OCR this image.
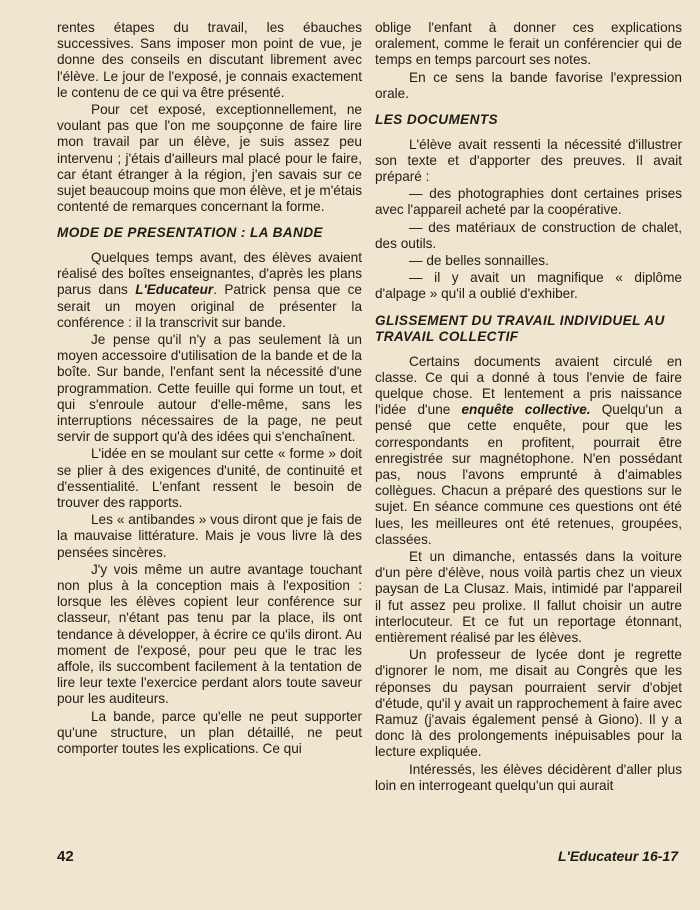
rentes étapes du travail, les ébauches successives. Sans imposer mon point de vue, je donne des conseils en discutant librement avec l'élève. Le jour de l'exposé, je connais exactement le contenu de ce qui va être présenté.

Pour cet exposé, exceptionnellement, ne voulant pas que l'on me soupçonne de faire lire mon travail par un élève, je suis assez peu intervenu ; j'étais d'ailleurs mal placé pour le faire, car étant étranger à la région, j'en savais sur ce sujet beaucoup moins que mon élève, et je m'étais contenté de remarques concernant la forme.

MODE DE PRESENTATION : LA BANDE

Quelques temps avant, des élèves avaient réalisé des boîtes enseignantes, d'après les plans parus dans L'Educateur. Patrick pensa que ce serait un moyen original de présenter la conférence : il la transcrivit sur bande.

Je pense qu'il n'y a pas seulement là un moyen accessoire d'utilisation de la bande et de la boîte. Sur bande, l'enfant sent la nécessité d'une programmation. Cette feuille qui forme un tout, et qui s'enroule autour d'elle-même, sans les interruptions nécessaires de la page, ne peut servir de support qu'à des idées qui s'enchaînent.

L'idée en se moulant sur cette « forme » doit se plier à des exigences d'unité, de continuité et d'essentialité. L'enfant ressent le besoin de trouver des rapports.

Les « antibandes » vous diront que je fais de la mauvaise littérature. Mais je vous livre là des pensées sincères.

J'y vois même un autre avantage touchant non plus à la conception mais à l'exposition : lorsque les élèves copient leur conférence sur classeur, n'étant pas tenu par la place, ils ont tendance à développer, à écrire ce qu'ils diront. Au moment de l'exposé, pour peu que le trac les affole, ils succombent facilement à la tentation de lire leur texte l'exercice perdant alors toute saveur pour les auditeurs.

La bande, parce qu'elle ne peut supporter qu'une structure, un plan détaillé, ne peut comporter toutes les explications. Ce qui

oblige l'enfant à donner ces explications oralement, comme le ferait un conférencier qui de temps en temps parcourt ses notes.

En ce sens la bande favorise l'expression orale.

LES DOCUMENTS

L'élève avait ressenti la nécessité d'illustrer son texte et d'apporter des preuves. Il avait préparé :

— des photographies dont certaines prises avec l'appareil acheté par la coopérative.

— des matériaux de construction de chalet, des outils.

— de belles sonnailles.

— il y avait un magnifique « diplôme d'alpage » qu'il a oublié d'exhiber.

GLISSEMENT DU TRAVAIL INDIVIDUEL AU TRAVAIL COLLECTIF

Certains documents avaient circulé en classe. Ce qui a donné à tous l'envie de faire quelque chose. Et lentement a pris naissance l'idée d'une enquête collective. Quelqu'un a pensé que cette enquête, pour que les correspondants en profitent, pourrait être enregistrée sur magnétophone. N'en possédant pas, nous l'avons emprunté à d'aimables collègues. Chacun a préparé des questions sur le sujet. En séance commune ces questions ont été lues, les meilleures ont été retenues, groupées, classées.

Et un dimanche, entassés dans la voiture d'un père d'élève, nous voilà partis chez un vieux paysan de La Clusaz. Mais, intimidé par l'appareil il fut assez peu prolixe. Il fallut choisir un autre interlocuteur. Et ce fut un reportage étonnant, entièrement réalisé par les élèves.

Un professeur de lycée dont je regrette d'ignorer le nom, me disait au Congrès que les réponses du paysan pourraient servir d'objet d'étude, qu'il y avait un rapprochement à faire avec Ramuz (j'avais également pensé à Giono). Il y a donc là des prolongements inépuisables pour la lecture expliquée.

Intéressés, les élèves décidèrent d'aller plus loin en interrogeant quelqu'un qui aurait

42	L'Educateur 16-17
